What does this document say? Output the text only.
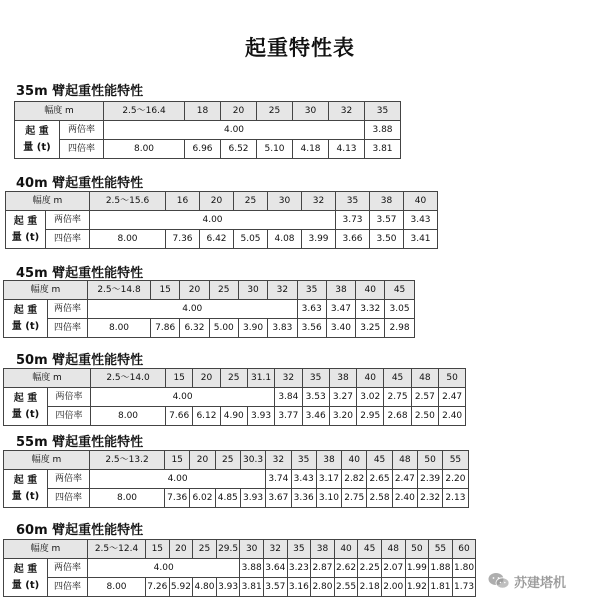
起重特性表
35m 臂起重性能特性
幅度 m		2.5～16.4	18	20	25	30	32	35
起 重	两倍率	4.00						3.88
量 (t)	四倍率	8.00	6.96	6.52	5.10	4.18	4.13	3.81
40m 臂起重性能特性
幅度 m		2.5～15.6	16	20	25	30	32	35	38	40
起 重	两倍率	4.00						3.73	3.57	3.43
量 (t)	四倍率	8.00	7.36	6.42	5.05	4.08	3.99	3.66	3.50	3.41
45m 臂起重性能特性
幅度 m		2.5～14.8	15	20	25	30	32	35	38	40	45
起 重	两倍率	4.00						3.63	3.47	3.32	3.05
量 (t)	四倍率	8.00	7.86	6.32	5.00	3.90	3.83	3.56	3.40	3.25	2.98
50m 臂起重性能特性
幅度 m		2.5～14.0	15	20	25	31.1	32	35	38	40	45	48	50
起 重	两倍率	4.00					3.84	3.53	3.27	3.02	2.75	2.57	2.47
量 (t)	四倍率	8.00	7.66	6.12	4.90	3.93	3.77	3.46	3.20	2.95	2.68	2.50	2.40
55m 臂起重性能特性
幅度 m		2.5～13.2	15	20	25	30.3	32	35	38	40	45	48	50	55
起 重	两倍率	4.00					3.74	3.43	3.17	2.82	2.65	2.47	2.39	2.20
量 (t)	四倍率	8.00	7.36	6.02	4.85	3.93	3.67	3.36	3.10	2.75	2.58	2.40	2.32	2.13
60m 臂起重性能特性
幅度 m		2.5～12.4	15	20	25	29.5	30	32	35	38	40	45	48	50	55	60
起 重	两倍率	4.00					3.88	3.64	3.23	2.87	2.62	2.25	2.07	1.99	1.88	1.80
量 (t)	四倍率	8.00	7.26	5.92	4.80	3.93	3.81	3.57	3.16	2.80	2.55	2.18	2.00	1.92	1.81	1.73	苏建塔机
